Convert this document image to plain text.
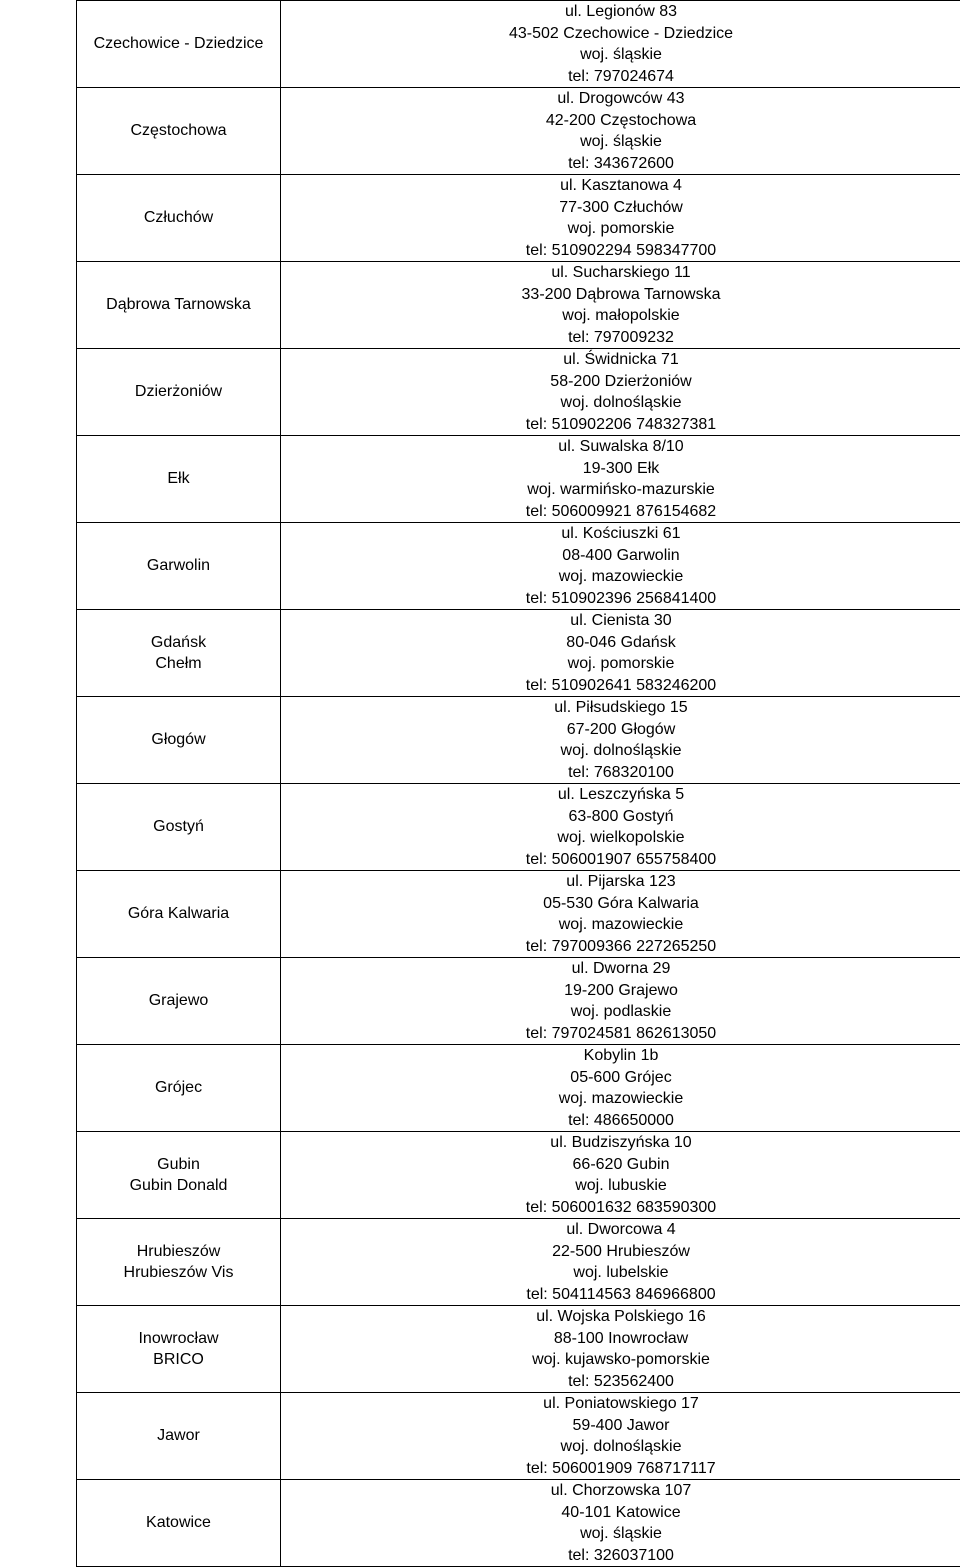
Czechowice - Dziedzice	ul. Legionów 83
43-502 Czechowice - Dziedzice
woj. śląskie
tel: 797024674

Częstochowa	ul. Drogowców 43
42-200 Częstochowa
woj. śląskie
tel: 343672600

Człuchów	ul. Kasztanowa 4
77-300 Człuchów
woj. pomorskie
tel: 510902294 598347700

Dąbrowa Tarnowska	ul. Sucharskiego 11
33-200 Dąbrowa Tarnowska
woj. małopolskie
tel: 797009232

Dzierżoniów	ul. Świdnicka 71
58-200 Dzierżoniów
woj. dolnośląskie
tel: 510902206 748327381

Ełk	ul. Suwalska 8/10
19-300 Ełk
woj. warmińsko-mazurskie
tel: 506009921 876154682

Garwolin	ul. Kościuszki 61
08-400 Garwolin
woj. mazowieckie
tel: 510902396 256841400

Gdańsk
Chełm	ul. Cienista 30
80-046 Gdańsk
woj. pomorskie
tel: 510902641 583246200

Głogów	ul. Piłsudskiego 15
67-200 Głogów
woj. dolnośląskie
tel: 768320100

Gostyń	ul. Leszczyńska 5
63-800 Gostyń
woj. wielkopolskie
tel: 506001907 655758400

Góra Kalwaria	ul. Pijarska 123
05-530 Góra Kalwaria
woj. mazowieckie
tel: 797009366 227265250

Grajewo	ul. Dworna 29
19-200 Grajewo
woj. podlaskie
tel: 797024581 862613050

Grójec	Kobylin 1b
05-600 Grójec
woj. mazowieckie
tel: 486650000

Gubin
Gubin Donald	ul. Budziszyńska 10
66-620 Gubin
woj. lubuskie
tel: 506001632 683590300

Hrubieszów
Hrubieszów Vis	ul. Dworcowa 4
22-500 Hrubieszów
woj. lubelskie
tel: 504114563 846966800

Inowrocław
BRICO	ul. Wojska Polskiego 16
88-100 Inowrocław
woj. kujawsko-pomorskie
tel: 523562400

Jawor	ul. Poniatowskiego 17
59-400 Jawor
woj. dolnośląskie
tel: 506001909 768717117

Katowice	ul. Chorzowska 107
40-101 Katowice
woj. śląskie
tel: 326037100
